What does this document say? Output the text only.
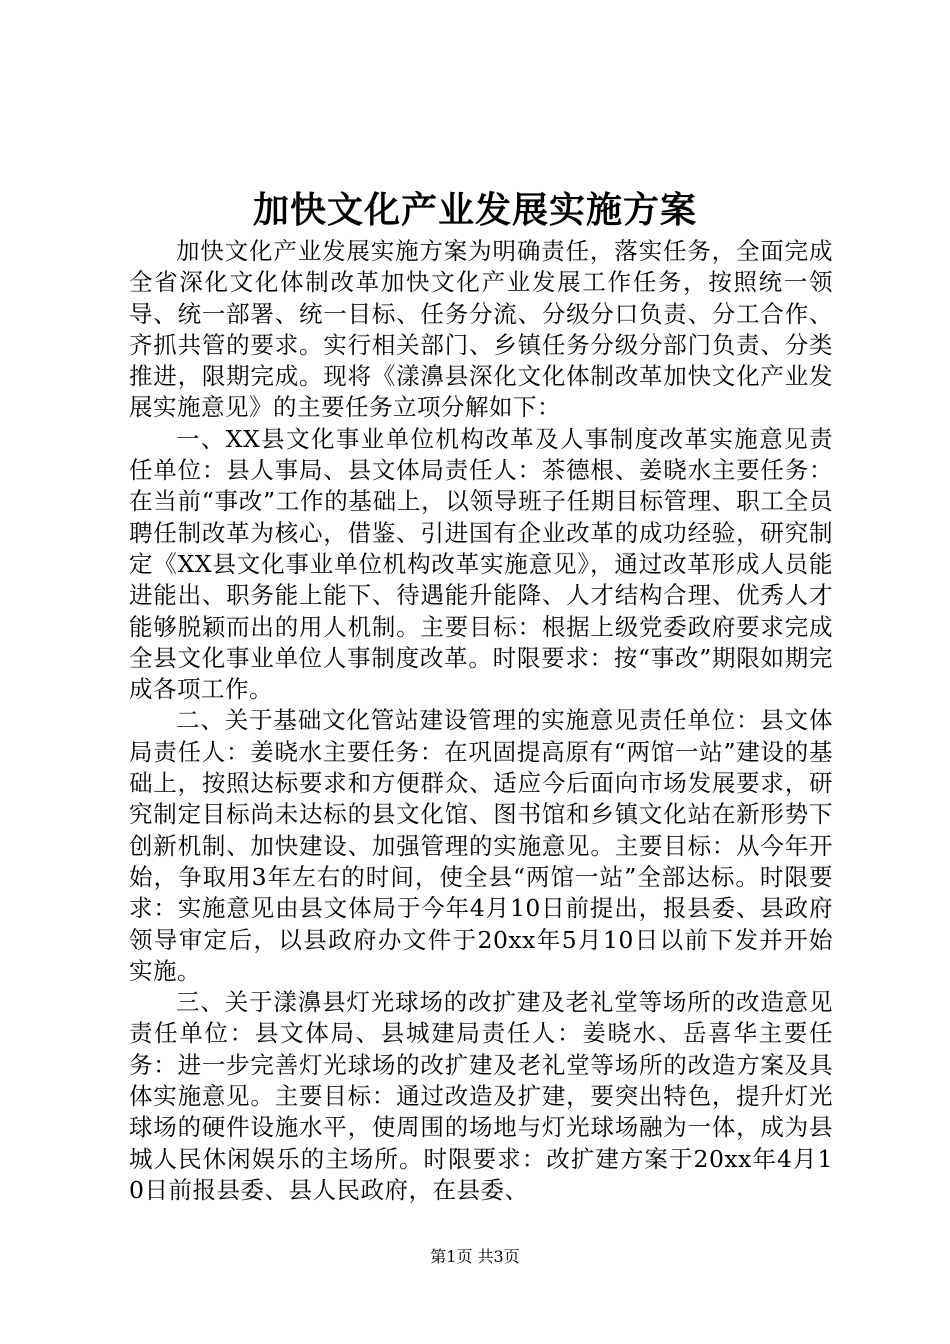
加快文化产业发展实施方案

加快文化产业发展实施方案为明确责任，落实任务，全面完成全省深化文化体制改革加快文化产业发展工作任务，按照统一领导、统一部署、统一目标、任务分流、分级分口负责、分工合作、齐抓共管的要求。实行相关部门、乡镇任务分级分部门负责、分类推进，限期完成。现将《漾濞县深化文化体制改革加快文化产业发展实施意见》的主要任务立项分解如下：

一、XX县文化事业单位机构改革及人事制度改革实施意见责任单位：县人事局、县文体局责任人：茶德根、姜晓水主要任务：在当前“事改”工作的基础上，以领导班子任期目标管理、职工全员聘任制改革为核心，借鉴、引进国有企业改革的成功经验，研究制定《XX县文化事业单位机构改革实施意见》，通过改革形成人员能进能出、职务能上能下、待遇能升能降、人才结构合理、优秀人才能够脱颖而出的用人机制。主要目标：根据上级党委政府要求完成全县文化事业单位人事制度改革。时限要求：按“事改”期限如期完成各项工作。

二、关于基础文化管站建设管理的实施意见责任单位：县文体局责任人：姜晓水主要任务：在巩固提高原有“两馆一站”建设的基础上，按照达标要求和方便群众、适应今后面向市场发展要求，研究制定目标尚未达标的县文化馆、图书馆和乡镇文化站在新形势下创新机制、加快建设、加强管理的实施意见。主要目标：从今年开始，争取用3年左右的时间，使全县“两馆一站”全部达标。时限要求：实施意见由县文体局于今年4月10日前提出，报县委、县政府领导审定后，以县政府办文件于20xx年5月10日以前下发并开始实施。

三、关于漾濞县灯光球场的改扩建及老礼堂等场所的改造意见责任单位：县文体局、县城建局责任人：姜晓水、岳喜华主要任务：进一步完善灯光球场的改扩建及老礼堂等场所的改造方案及具体实施意见。主要目标：通过改造及扩建，要突出特色，提升灯光球场的硬件设施水平，使周围的场地与灯光球场融为一体，成为县城人民休闲娱乐的主场所。时限要求：改扩建方案于20xx年4月10日前报县委、县人民政府，在县委、

第1页 共3页
